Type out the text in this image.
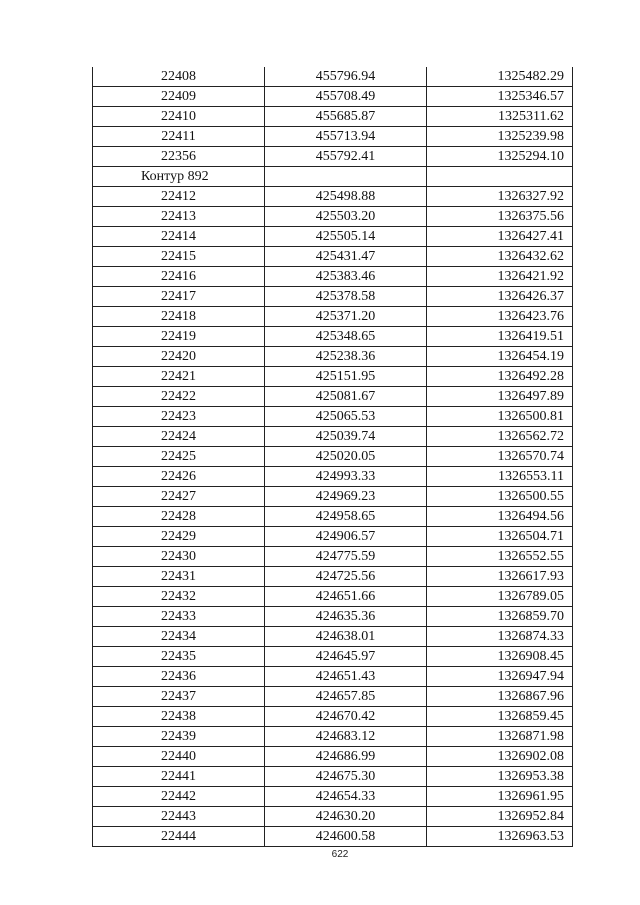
22408	455796.94	1325482.29
22409	455708.49	1325346.57
22410	455685.87	1325311.62
22411	455713.94	1325239.98
22356	455792.41	1325294.10
Контур 892		
22412	425498.88	1326327.92
22413	425503.20	1326375.56
22414	425505.14	1326427.41
22415	425431.47	1326432.62
22416	425383.46	1326421.92
22417	425378.58	1326426.37
22418	425371.20	1326423.76
22419	425348.65	1326419.51
22420	425238.36	1326454.19
22421	425151.95	1326492.28
22422	425081.67	1326497.89
22423	425065.53	1326500.81
22424	425039.74	1326562.72
22425	425020.05	1326570.74
22426	424993.33	1326553.11
22427	424969.23	1326500.55
22428	424958.65	1326494.56
22429	424906.57	1326504.71
22430	424775.59	1326552.55
22431	424725.56	1326617.93
22432	424651.66	1326789.05
22433	424635.36	1326859.70
22434	424638.01	1326874.33
22435	424645.97	1326908.45
22436	424651.43	1326947.94
22437	424657.85	1326867.96
22438	424670.42	1326859.45
22439	424683.12	1326871.98
22440	424686.99	1326902.08
22441	424675.30	1326953.38
22442	424654.33	1326961.95
22443	424630.20	1326952.84
22444	424600.58	1326963.53
622
